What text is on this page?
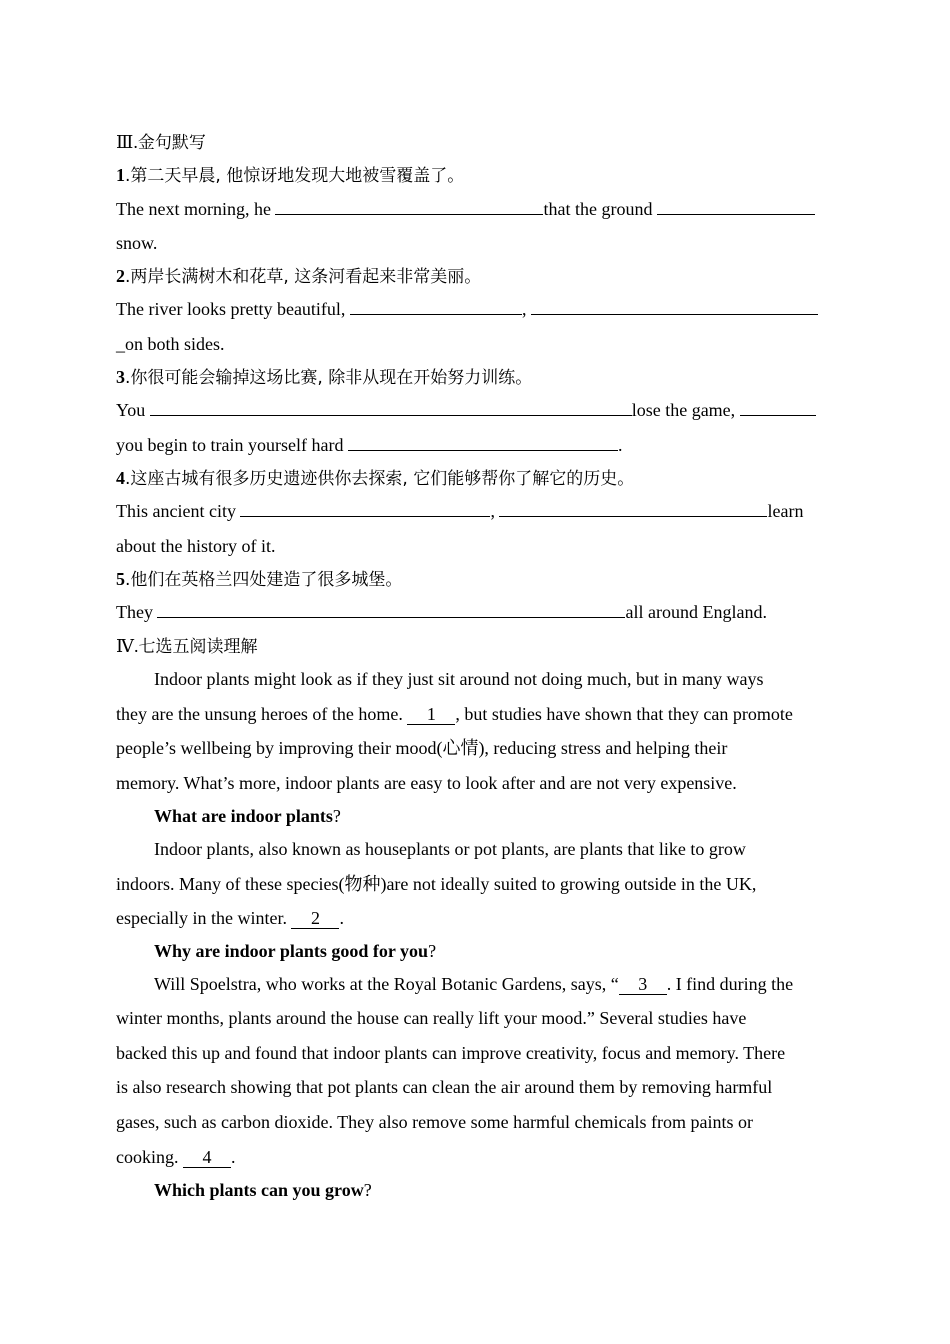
Ⅲ.金句默写
1.第二天早晨, 他惊讶地发现大地被雪覆盖了。
The next morning, he	that the ground
snow.
2.两岸长满树木和花草, 这条河看起来非常美丽。
The river looks pretty beautiful,	,
_on both sides.
3.你很可能会输掉这场比赛, 除非从现在开始努力训练。
You	lose the game,
you begin to train yourself hard	.
4.这座古城有很多历史遗迹供你去探索, 它们能够帮你了解它的历史。
This ancient city	,	learn
about the history of it.
5.他们在英格兰四处建造了很多城堡。
They	all around England.
Ⅳ.七选五阅读理解
Indoor plants might look as if they just sit around not doing much, but in many ways
they are the unsung heroes of the home. 1 , but studies have shown that they can promote
people’s wellbeing by improving their mood(心情), reducing stress and helping their
memory. What’s more, indoor plants are easy to look after and are not very expensive.
What are indoor plants?
Indoor plants, also known as houseplants or pot plants, are plants that like to grow
indoors. Many of these species(物种)are not ideally suited to growing outside in the UK,
especially in the winter. 2 .
Why are indoor plants good for you?
Will Spoelstra, who works at the Royal Botanic Gardens, says, “ 3 . I find during the
winter months, plants around the house can really lift your mood.” Several studies have
backed this up and found that indoor plants can improve creativity, focus and memory. There
is also research showing that pot plants can clean the air around them by removing harmful
gases, such as carbon dioxide. They also remove some harmful chemicals from paints or
cooking. 4 .
Which plants can you grow?
